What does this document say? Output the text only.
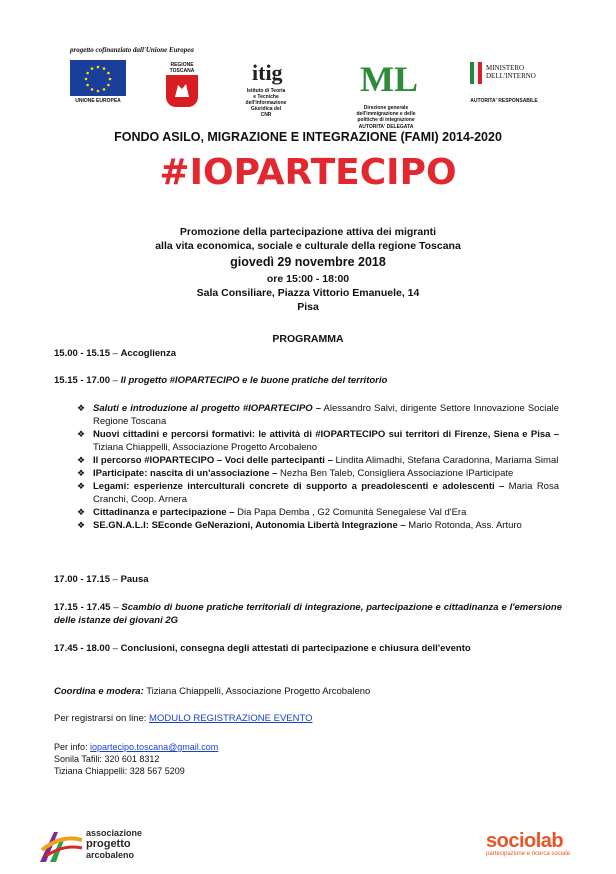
progetto cofinanziato dall'Unione Europea
UNIONE EUROPEA
REGIONE TOSCANA	itig
Istituto di Teoria e Tecniche dell'Informazione Giuridica del CNR
ML
Direzione generale dell'immigrazione e delle politiche di integrazione
AUTORITA' DELEGATA
MINISTERO DELL'INTERNO
AUTORITA' RESPONSABILE
FONDO ASILO, MIGRAZIONE E INTEGRAZIONE (FAMI) 2014-2020
#IOPARTECIPO
Promozione della partecipazione attiva dei migranti
alla vita economica, sociale e culturale della regione Toscana
giovedì 29 novembre 2018
ore 15:00 - 18:00
Sala Consiliare, Piazza Vittorio Emanuele, 14
Pisa
PROGRAMMA
15.00 - 15.15 – Accoglienza
15.15 - 17.00 – Il progetto #IOPARTECIPO e le buone pratiche del territorio
❖ Saluti e introduzione al progetto #IOPARTECIPO – Alessandro Salvi, dirigente Settore Innovazione Sociale Regione Toscana
❖ Nuovi cittadini e percorsi formativi: le attività di #IOPARTECIPO sui territori di Firenze, Siena e Pisa – Tiziana Chiappelli, Associazione Progetto Arcobaleno
❖ Il percorso #IOPARTECIPO – Voci delle partecipanti – Lindita Alimadhi, Stefana Caradonna, Mariama Simal
❖ IParticipate: nascita di un'associazione – Nezha Ben Taleb, Consigliera Associazione IParticipate
❖ Legami: esperienze interculturali concrete di supporto a preadolescenti e adolescenti – Maria Rosa Cranchi, Coop. Arnera
❖ Cittadinanza e partecipazione – Dia Papa Demba , G2 Comunità Senegalese Val d'Era
❖ SE.GN.A.L.I: SEconde GeNerazioni, Autonomia Libertà Integrazione – Mario Rotonda, Ass. Arturo
17.00 - 17.15 – Pausa
17.15 - 17.45 – Scambio di buone pratiche territoriali di integrazione, partecipazione e cittadinanza e l'emersione delle istanze dei giovani 2G
17.45 - 18.00 – Conclusioni, consegna degli attestati di partecipazione e chiusura dell'evento
Coordina e modera: Tiziana Chiappelli, Associazione Progetto Arcobaleno
Per registrarsi on line: MODULO REGISTRAZIONE EVENTO
Per info: iopartecipo.toscana@gmail.com
Sonila Tafili: 320 601 8312
Tiziana Chiappelli: 328 567 5209
associazione
progetto
arcobaleno
sociolab
partecipazione e ricerca sociale
